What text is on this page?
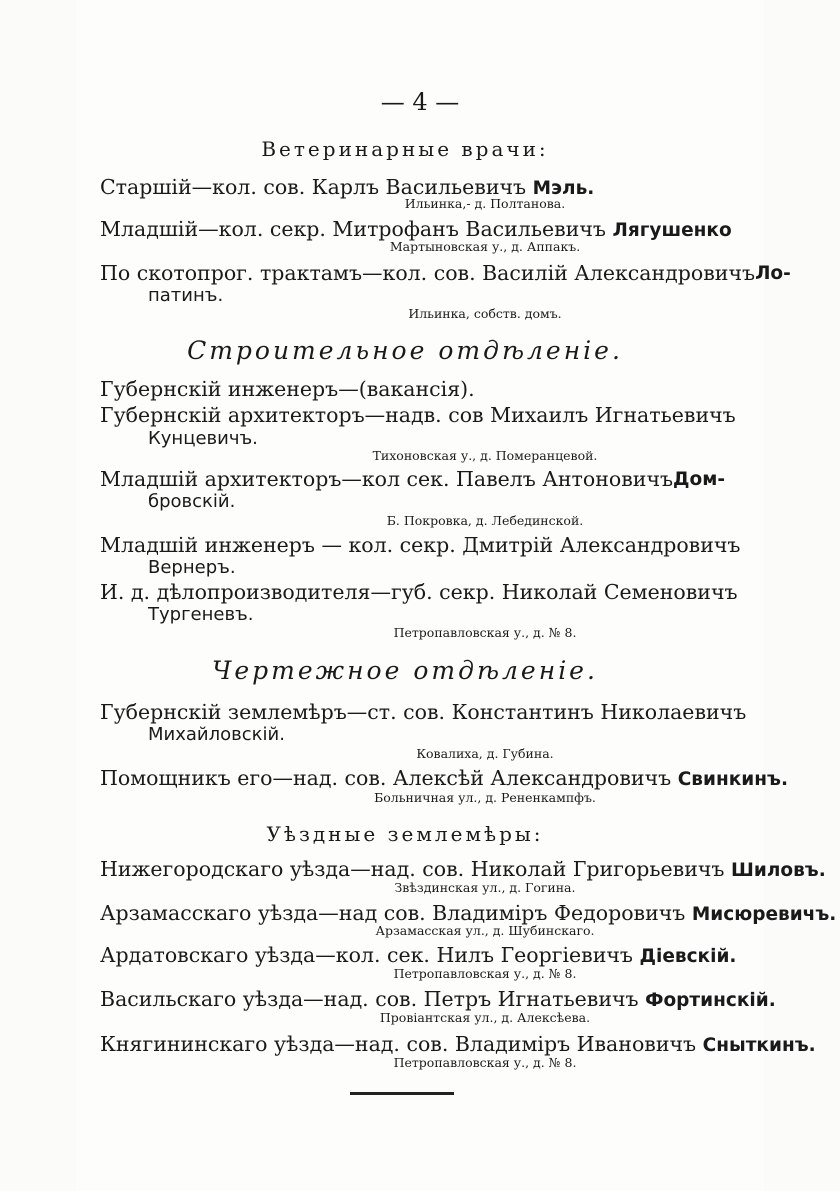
— 4 —
Ветеринарные врачи:
Старшій—кол. сов. Карлъ Васильевичъ Мэль.
Ильинка,- д. Полтанова.
Младшій—кол. секр. Митрофанъ Васильевичъ Лягушенко
Мартыновская у., д. Аппакъ.
По скотопрог. трактамъ—кол. сов. Василій Александровичъ Ло-
патинъ.
Ильинка, собств. домъ.
Строительное отдѣленіе.
Губернскій инженеръ—(вакансія).
Губернскій архитекторъ—надв. сов Михаилъ Игнатьевичъ
Кунцевичъ.
Тихоновская у., д. Померанцевой.
Младшій архитекторъ—кол сек. Павелъ Антоновичъ Дом-
бровскій.
Б. Покровка, д. Лебединской.
Младшій инженеръ — кол. секр. Дмитрій Александровичъ
Вернеръ.
И. д. дѣлопроизводителя—губ. секр. Николай Семеновичъ
Тургеневъ.
Петропавловская у., д. № 8.
Чертежное отдѣленіе.
Губернскій землемѣръ—ст. сов. Константинъ Николаевичъ
Михайловскій.
Ковалиха, д. Губина.
Помощникъ его—над. сов. Алексѣй Александровичъ Свинкинъ.
Больничная ул., д. Рененкампфъ.
Уѣздные землемѣры:
Нижегородскаго уѣзда—над. сов. Николай Григорьевичъ Шиловъ.
Звѣздинская ул., д. Гогина.
Арзамасскаго уѣзда—над сов. Владиміръ Федоровичъ Мисюревичъ.
Арзамасская ул., д. Шубинскаго.
Ардатовскаго уѣзда—кол. сек. Нилъ Георгіевичъ Діевскій.
Петропавловская у., д. № 8.
Васильскаго уѣзда—над. сов. Петръ Игнатьевичъ Фортинскій.
Провіантская ул., д. Алексѣева.
Княгининскаго уѣзда—над. сов. Владиміръ Ивановичъ Сныткинъ.
Петропавловская у., д. № 8.
